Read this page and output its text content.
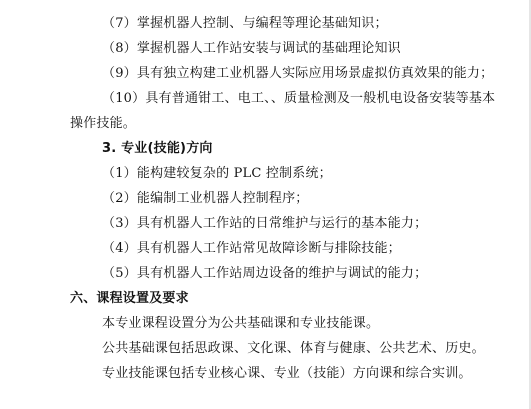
（7）掌握机器人控制、与编程等理论基础知识；
（8）掌握机器人工作站安装与调试的基础理论知识
（9）具有独立构建工业机器人实际应用场景虚拟仿真效果的能力；
（10）具有普通钳工、电工、、质量检测及一般机电设备安装等基本
操作技能。
3. 专业(技能)方向
（1）能构建较复杂的 PLC 控制系统；
（2）能编制工业机器人控制程序；
（3）具有机器人工作站的日常维护与运行的基本能力；
（4）具有机器人工作站常见故障诊断与排除技能；
（5）具有机器人工作站周边设备的维护与调试的能力；
六、课程设置及要求
本专业课程设置分为公共基础课和专业技能课。
公共基础课包括思政课、文化课、体育与健康、公共艺术、历史。
专业技能课包括专业核心课、专业（技能）方向课和综合实训。
